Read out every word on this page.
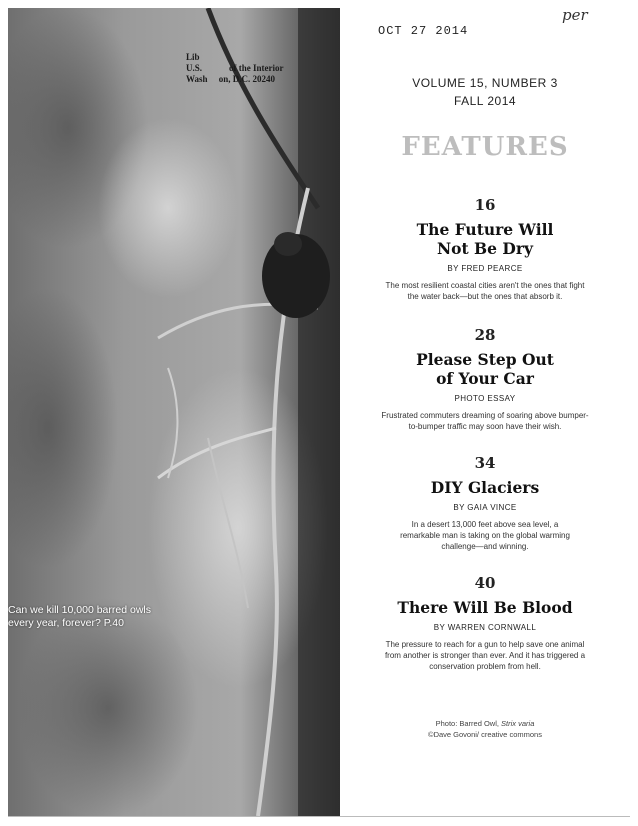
Lib
U.S.            of the Interior
Wash     on, D.C. 20240
Can we kill 10,000 barred owls
every year, forever? P.40
OCT 27 2014
per
VOLUME 15, NUMBER 3
FALL 2014
FEATURES
16
The Future Will
Not Be Dry
BY FRED PEARCE
The most resilient coastal cities aren't the ones that fight
the water back—but the ones that absorb it.
28
Please Step Out
of Your Car
PHOTO ESSAY
Frustrated commuters dreaming of soaring above bumper-
to-bumper traffic may soon have their wish.
34
DIY Glaciers
BY GAIA VINCE
In a desert 13,000 feet above sea level, a
remarkable man is taking on the global warming
challenge—and winning.
40
There Will Be Blood
BY WARREN CORNWALL
The pressure to reach for a gun to help save one animal
from another is stronger than ever. And it has triggered a
conservation problem from hell.
Photo: Barred Owl, Strix varia
©Dave Govoni/ creative commons
